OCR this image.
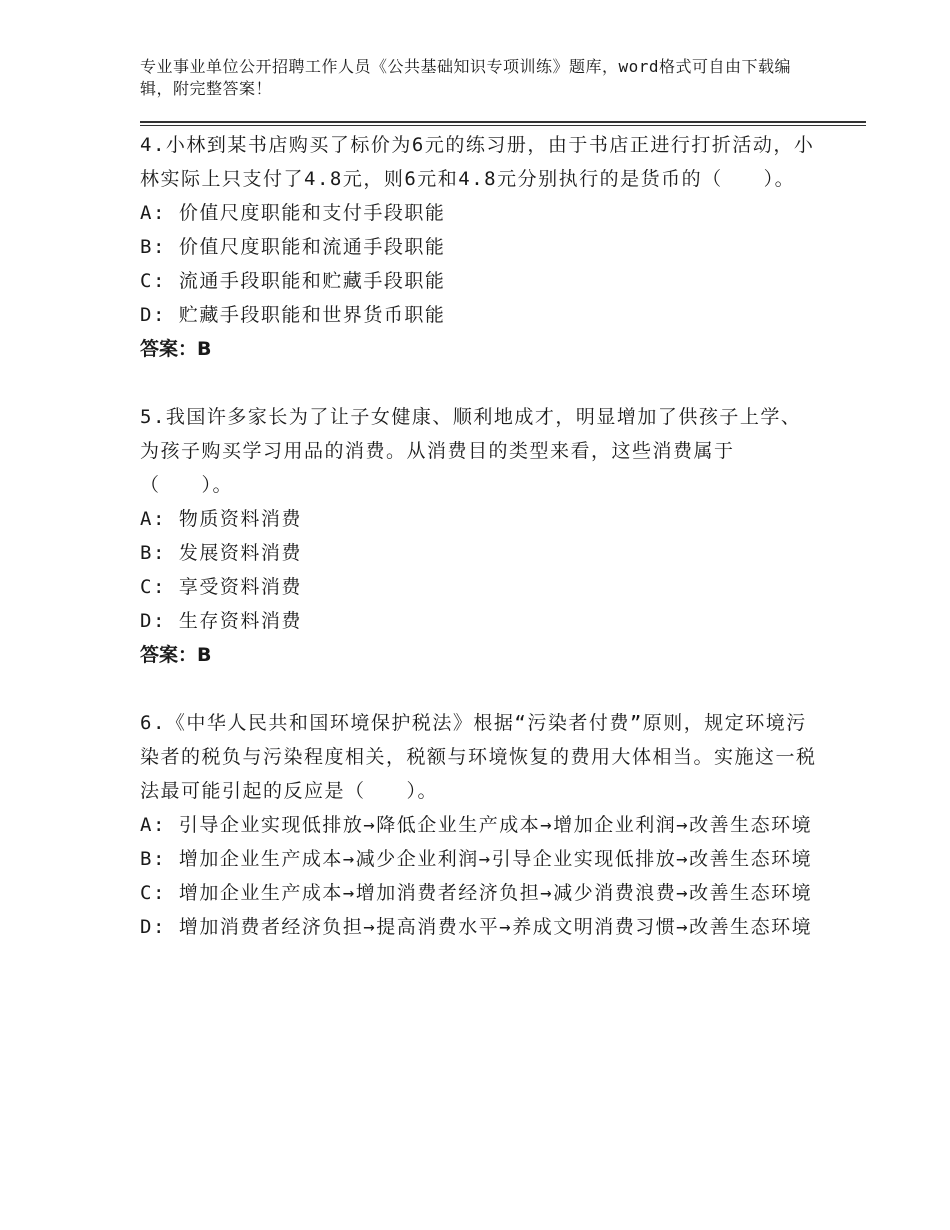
专业事业单位公开招聘工作人员《公共基础知识专项训练》题库，word格式可自由下载编辑，附完整答案！

4.小林到某书店购买了标价为6元的练习册，由于书店正进行打折活动，小林实际上只支付了4.8元，则6元和4.8元分别执行的是货币的（　　）。

A: 价值尺度职能和支付手段职能

B: 价值尺度职能和流通手段职能

C: 流通手段职能和贮藏手段职能

D: 贮藏手段职能和世界货币职能

答案：B

5.我国许多家长为了让子女健康、顺利地成才，明显增加了供孩子上学、为孩子购买学习用品的消费。从消费目的类型来看，这些消费属于（　　）。

A: 物质资料消费

B: 发展资料消费

C: 享受资料消费

D: 生存资料消费

答案：B

6.《中华人民共和国环境保护税法》根据“污染者付费”原则，规定环境污染者的税负与污染程度相关，税额与环境恢复的费用大体相当。实施这一税法最可能引起的反应是（　　）。

A: 引导企业实现低排放→降低企业生产成本→增加企业利润→改善生态环境

B: 增加企业生产成本→减少企业利润→引导企业实现低排放→改善生态环境

C: 增加企业生产成本→增加消费者经济负担→减少消费浪费→改善生态环境

D: 增加消费者经济负担→提高消费水平→养成文明消费习惯→改善生态环境
